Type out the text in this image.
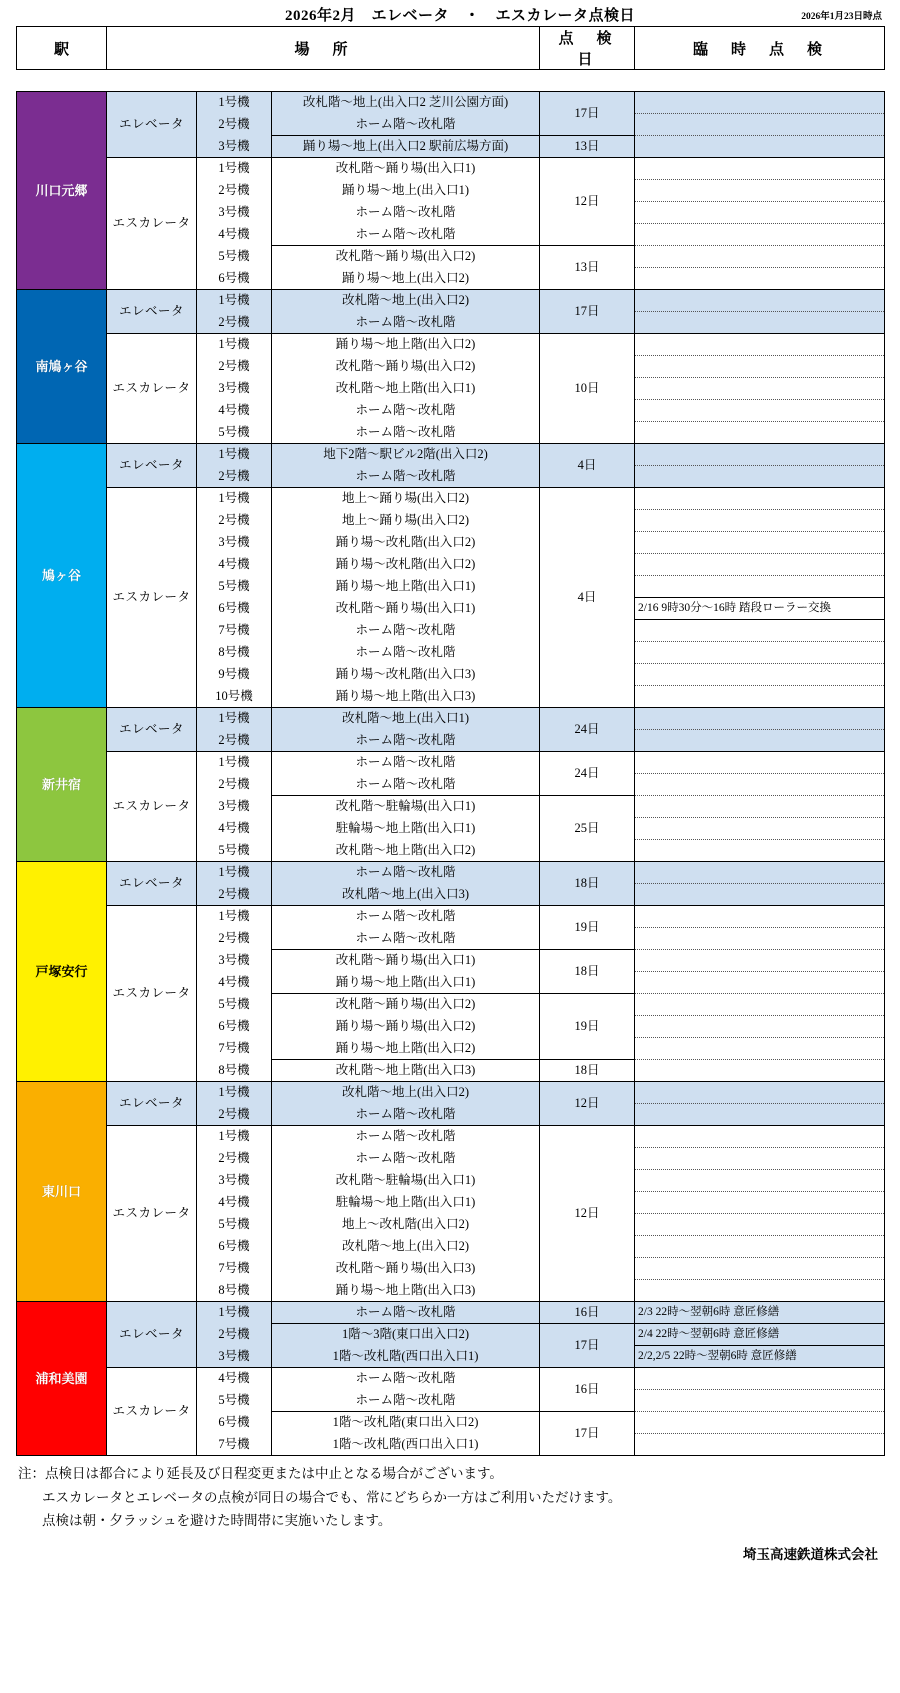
2026年2月　エレベータ　・　エスカレータ点検日	2026年1月23日時点
駅	場　所			点　検　日	臨　時　点　検

川口元郷	エレベータ	1号機	改札階～地上(出入口2 芝川公園方面)	17日	
		2号機	ホーム階～改札階		
		3号機	踊り場～地上(出入口2 駅前広場方面)	13日	
	エスカレータ	1号機	改札階～踊り場(出入口1)	12日	
		2号機	踊り場～地上(出入口1)		
		3号機	ホーム階～改札階		
		4号機	ホーム階～改札階		
		5号機	改札階～踊り場(出入口2)	13日	
		6号機	踊り場～地上(出入口2)		
南鳩ヶ谷	エレベータ	1号機	改札階～地上(出入口2)	17日	
		2号機	ホーム階～改札階		
	エスカレータ	1号機	踊り場～地上階(出入口2)	10日	
		2号機	改札階～踊り場(出入口2)		
		3号機	改札階～地上階(出入口1)		
		4号機	ホーム階～改札階		
		5号機	ホーム階～改札階		
鳩ヶ谷	エレベータ	1号機	地下2階～駅ビル2階(出入口2)	4日	
		2号機	ホーム階～改札階		
	エスカレータ	1号機	地上～踊り場(出入口2)	4日	
		2号機	地上～踊り場(出入口2)		
		3号機	踊り場～改札階(出入口2)		
		4号機	踊り場～改札階(出入口2)		
		5号機	踊り場～地上階(出入口1)		
		6号機	改札階～踊り場(出入口1)		2/16 9時30分～16時 踏段ローラー交換
		7号機	ホーム階～改札階		
		8号機	ホーム階～改札階		
		9号機	踊り場～改札階(出入口3)		
		10号機	踊り場～地上階(出入口3)		
新井宿	エレベータ	1号機	改札階～地上(出入口1)	24日	
		2号機	ホーム階～改札階		
	エスカレータ	1号機	ホーム階～改札階	24日	
		2号機	ホーム階～改札階		
		3号機	改札階～駐輪場(出入口1)	25日	
		4号機	駐輪場～地上階(出入口1)		
		5号機	改札階～地上階(出入口2)		
戸塚安行	エレベータ	1号機	ホーム階～改札階	18日	
		2号機	改札階～地上(出入口3)		
	エスカレータ	1号機	ホーム階～改札階	19日	
		2号機	ホーム階～改札階		
		3号機	改札階～踊り場(出入口1)	18日	
		4号機	踊り場～地上階(出入口1)		
		5号機	改札階～踊り場(出入口2)	19日	
		6号機	踊り場～踊り場(出入口2)		
		7号機	踊り場～地上階(出入口2)		
		8号機	改札階～地上階(出入口3)	18日	
東川口	エレベータ	1号機	改札階～地上(出入口2)	12日	
		2号機	ホーム階～改札階		
	エスカレータ	1号機	ホーム階～改札階	12日	
		2号機	ホーム階～改札階		
		3号機	改札階～駐輪場(出入口1)		
		4号機	駐輪場～地上階(出入口1)		
		5号機	地上～改札階(出入口2)		
		6号機	改札階～地上(出入口2)		
		7号機	改札階～踊り場(出入口3)		
		8号機	踊り場～地上階(出入口3)		
浦和美園	エレベータ	1号機	ホーム階～改札階	16日	2/3 22時～翌朝6時 意匠修繕
		2号機	1階～3階(東口出入口2)	17日	2/4 22時～翌朝6時 意匠修繕
		3号機	1階～改札階(西口出入口1)		2/2,2/5 22時～翌朝6時 意匠修繕
	エスカレータ	4号機	ホーム階～改札階	16日	
		5号機	ホーム階～改札階		
		6号機	1階～改札階(東口出入口2)	17日	
		7号機	1階～改札階(西口出入口1)		
注：点検日は都合により延長及び日程変更または中止となる場合がございます。
エスカレータとエレベータの点検が同日の場合でも、常にどちらか一方はご利用いただけます。
点検は朝・夕ラッシュを避けた時間帯に実施いたします。
埼玉高速鉄道株式会社
